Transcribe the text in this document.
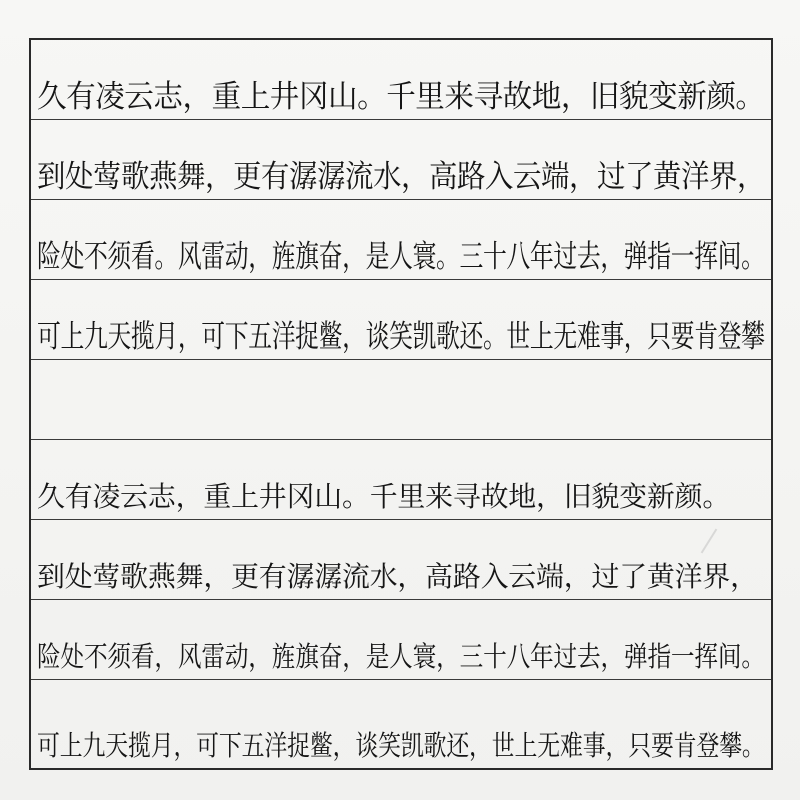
久有凌云志，重上井冈山。千里来寻故地，旧貌变新颜。
到处莺歌燕舞，更有潺潺流水，高路入云端，过了黄洋界，
险处不须看。风雷动，旌旗奋，是人寰。三十八年过去，弹指一挥间。
可上九天揽月，可下五洋捉鳖，谈笑凯歌还。世上无难事，只要肯登攀
久有凌云志，重上井冈山。千里来寻故地，旧貌变新颜。
到处莺歌燕舞，更有潺潺流水，高路入云端，过了黄洋界，
险处不须看，风雷动，旌旗奋，是人寰，三十八年过去，弹指一挥间。
可上九天揽月，可下五洋捉鳖，谈笑凯歌还，世上无难事，只要肯登攀。
